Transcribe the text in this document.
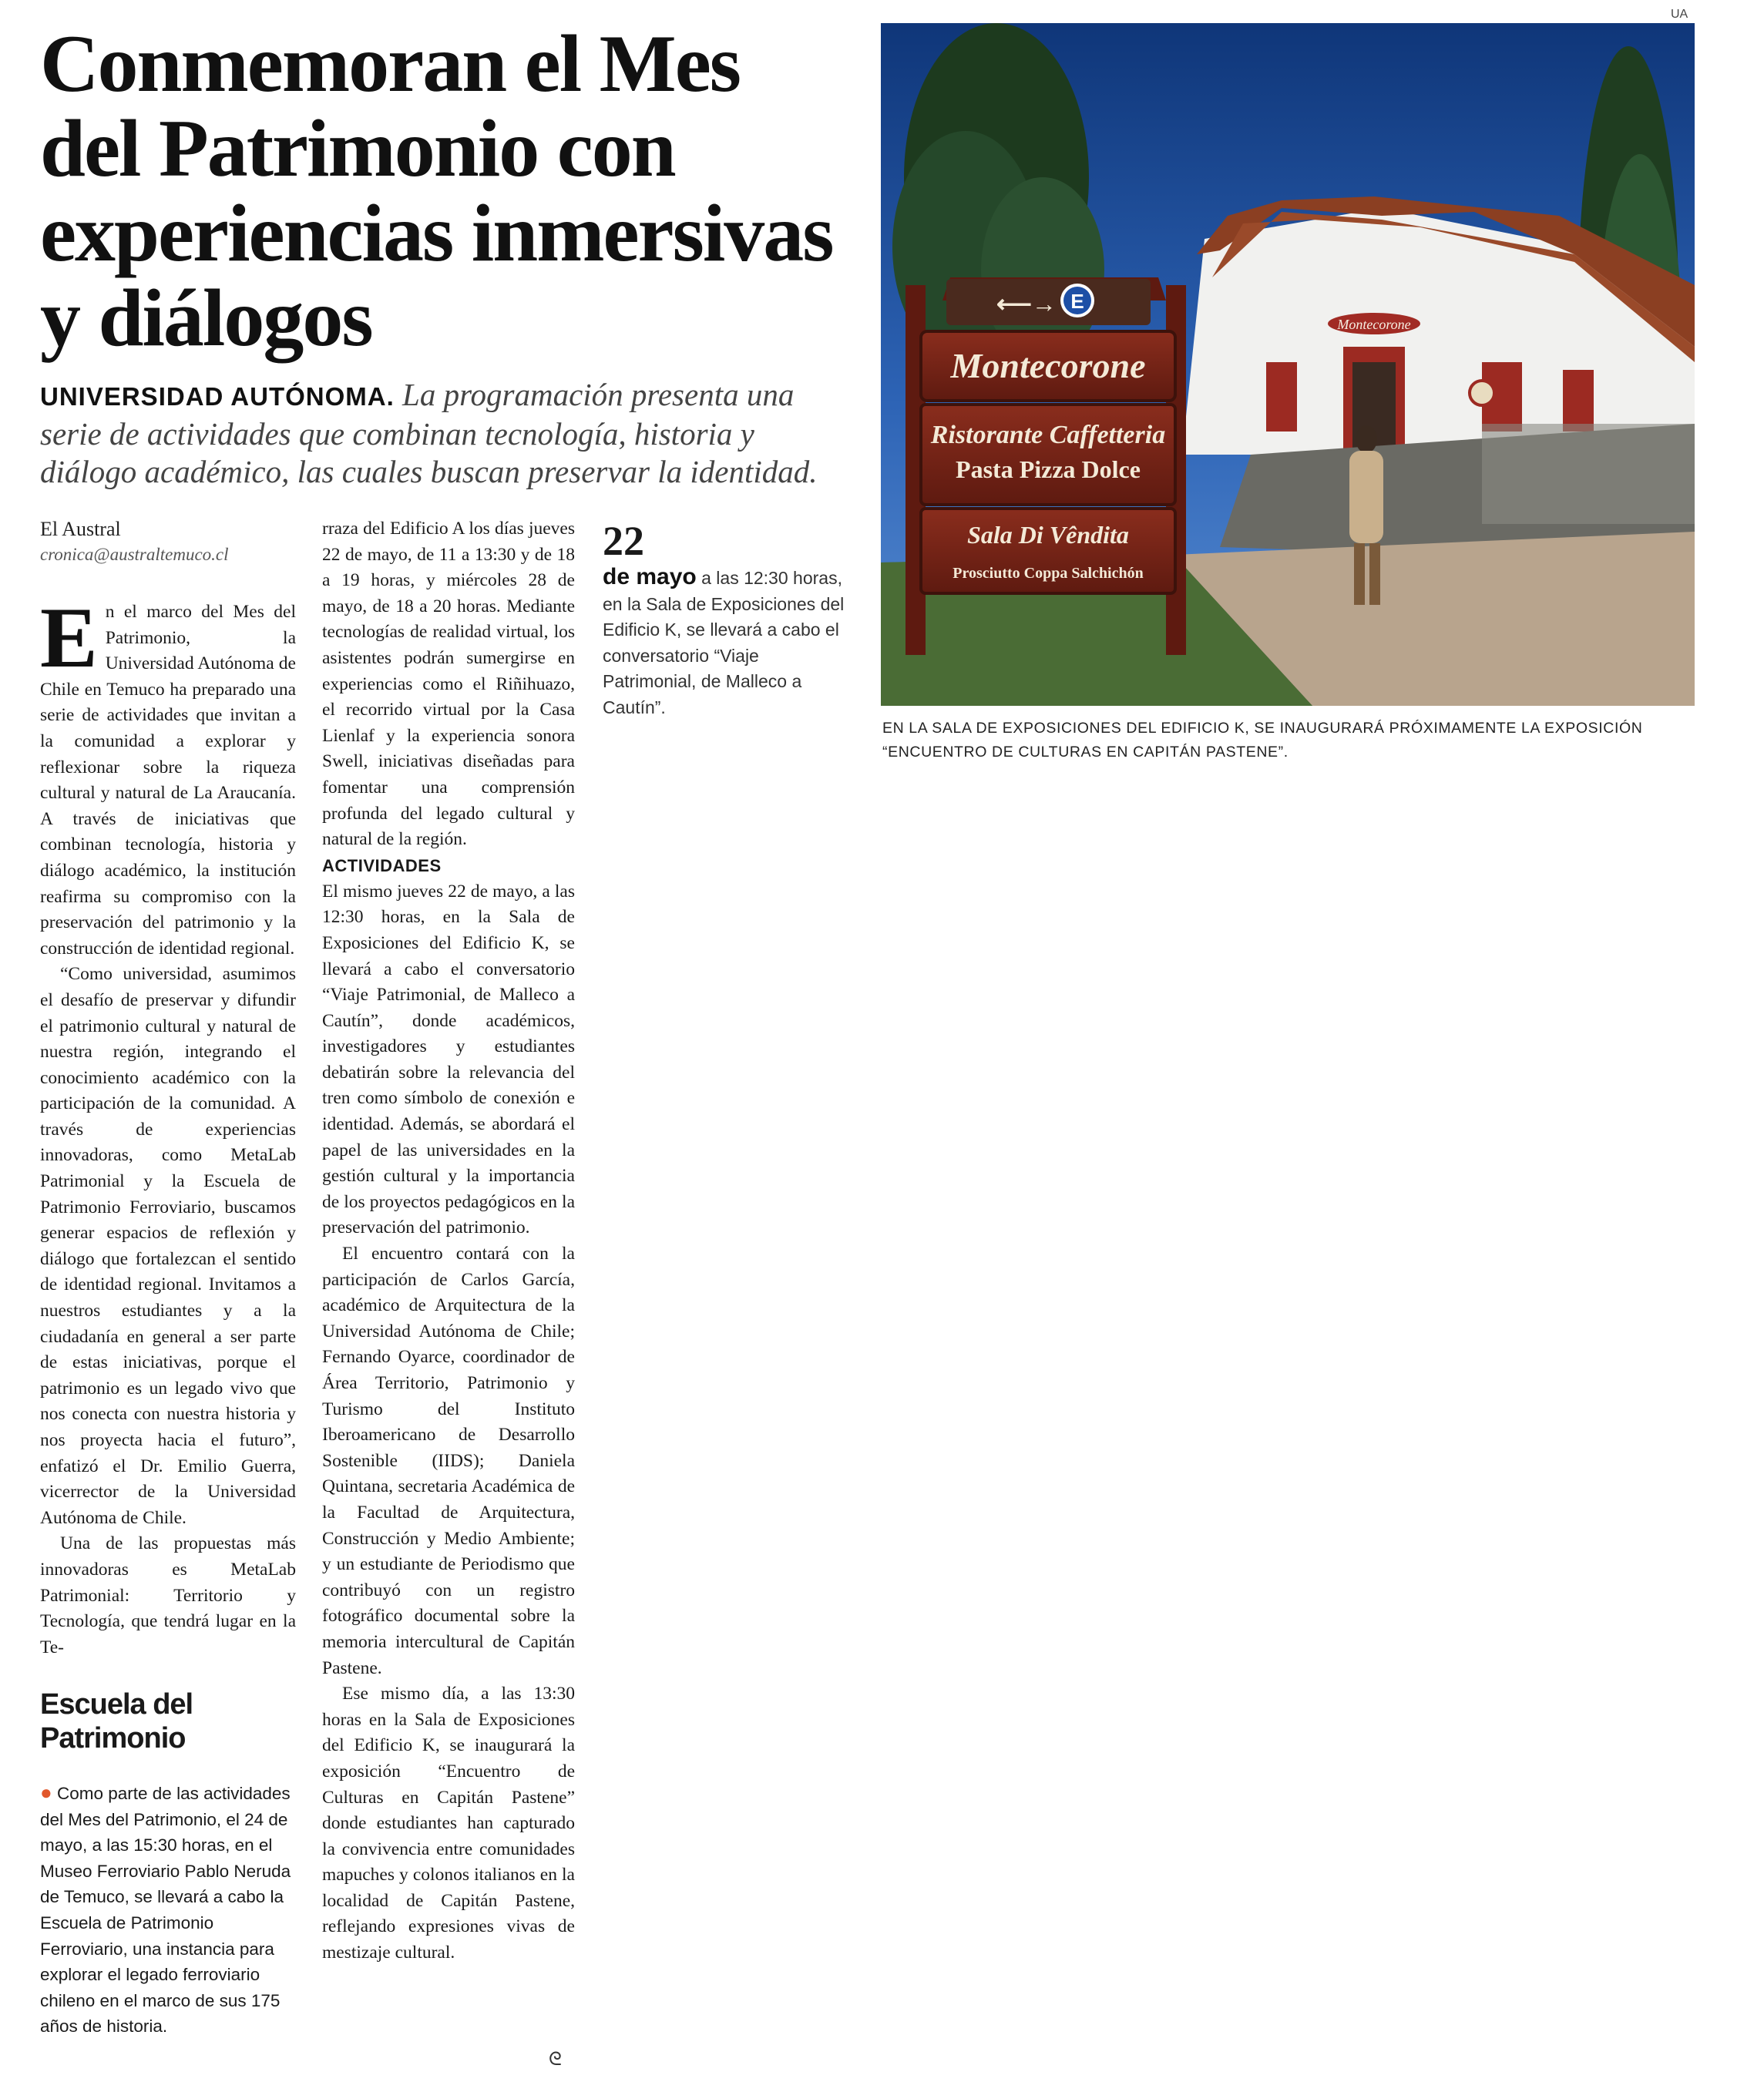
Conmemoran el Mes del Patrimonio con experiencias inmersivas y diálogos
UNIVERSIDAD AUTÓNOMA. La programación presenta una serie de actividades que combinan tecnología, historia y diálogo académico, las cuales buscan preservar la identidad.
El Austral
cronica@australtemuco.cl

En el marco del Mes del Patrimonio, la Universidad Autónoma de Chile en Temuco ha preparado una serie de actividades que invitan a la comunidad a explorar y reflexionar sobre la riqueza cultural y natural de La Araucanía. A través de iniciativas que combinan tecnología, historia y diálogo académico, la institución reafirma su compromiso con la preservación del patrimonio y la construcción de identidad regional.

“Como universidad, asumimos el desafío de preservar y difundir el patrimonio cultural y natural de nuestra región, integrando el conocimiento académico con la participación de la comunidad. A través de experiencias innovadoras, como MetaLab Patrimonial y la Escuela de Patrimonio Ferroviario, buscamos generar espacios de reflexión y diálogo que fortalezcan el sentido de identidad regional. Invitamos a nuestros estudiantes y a la ciudadanía en general a ser parte de estas iniciativas, porque el patrimonio es un legado vivo que nos conecta con nuestra historia y nos proyecta hacia el futuro”, enfatizó el Dr. Emilio Guerra, vicerrector de la Universidad Autónoma de Chile.

Una de las propuestas más innovadoras es MetaLab Patrimonial: Territorio y Tecnología, que tendrá lugar en la Te-

Escuela del Patrimonio
● Como parte de las actividades del Mes del Patrimonio, el 24 de mayo, a las 15:30 horas, en el Museo Ferroviario Pablo Neruda de Temuco, se llevará a cabo la Escuela de Patrimonio Ferroviario, una instancia para explorar el legado ferroviario chileno en el marco de sus 175 años de historia.

rraza del Edificio A los días jueves 22 de mayo, de 11 a 13:30 y de 18 a 19 horas, y miércoles 28 de mayo, de 18 a 20 horas. Mediante tecnologías de realidad virtual, los asistentes podrán sumergirse en experiencias como el Riñihuazo, el recorrido virtual por la Casa Lienlaf y la experiencia sonora Swell, iniciativas diseñadas para fomentar una comprensión profunda del legado cultural y natural de la región.

ACTIVIDADES

El mismo jueves 22 de mayo, a las 12:30 horas, en la Sala de Exposiciones del Edificio K, se llevará a cabo el conversatorio “Viaje Patrimonial, de Malleco a Cautín”, donde académicos, investigadores y estudiantes debatirán sobre la relevancia del tren como símbolo de conexión e identidad. Además, se abordará el papel de las universidades en la gestión cultural y la importancia de los proyectos pedagógicos en la preservación del patrimonio.

El encuentro contará con la participación de Carlos García, académico de Arquitectura de la Universidad Autónoma de Chile; Fernando Oyarce, coordinador de Área Territorio, Patrimonio y Turismo del Instituto Iberoamericano de Desarrollo Sostenible (IIDS); Daniela Quintana, secretaria Académica de la Facultad de Arquitectura, Construcción y Medio Ambiente; y un estudiante de Periodismo que contribuyó con un registro fotográfico documental sobre la memoria intercultural de Capitán Pastene.

Ese mismo día, a las 13:30 horas en la Sala de Exposiciones del Edificio K, se inaugurará la exposición “Encuentro de Culturas en Capitán Pastene” donde estudiantes han capturado la convivencia entre comunidades mapuches y colonos italianos en la localidad de Capitán Pastene, reflejando expresiones vivas de mestizaje cultural.

ᘓ
22
de mayo a las 12:30 horas, en la Sala de Exposiciones del Edificio K, se llevará a cabo el conversatorio “Viaje Patrimonial, de Malleco a Cautín”.
UA
Montecorone
⟵→ E
Montecorone
Ristorante Caffetteria
Pasta Pizza Dolce
Sala Di Vêndita
Prosciutto Coppa Salchichón
EN LA SALA DE EXPOSICIONES DEL EDIFICIO K, SE INAUGURARÁ PRÓXIMAMENTE LA EXPOSICIÓN “ENCUENTRO DE CULTURAS EN CAPITÁN PASTENE”.
